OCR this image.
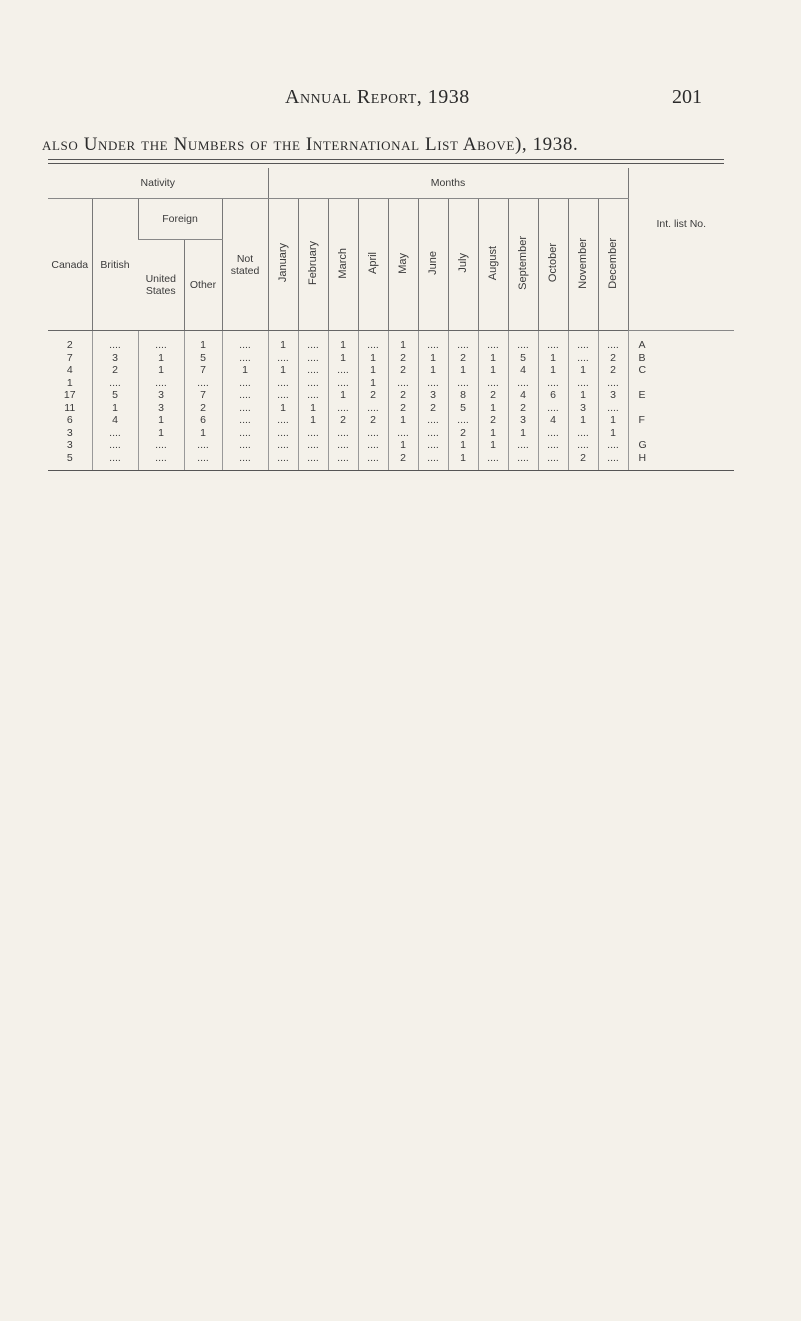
Annual Report, 1938	201
also Under the Numbers of the International List Above), 1938.
Nativity					Months												Int. list No.
Canada	British	Foreign		Not stated	January	February	March	April	May	June	July	August	September	October	November	December	
		United States	Other														
2	....	....	1	....	1	....	1	....	1	....	....	....	....	....	....	....	A
7	3	1	5	....	....	....	1	1	2	1	2	1	5	1	....	2	B
4	2	1	7	1	1	....	....	1	2	1	1	1	4	1	1	2	C
1	....	....	....	....	....	....	....	1	....	....	....	....	....	....	....	....	
17	5	3	7	....	....	....	1	2	2	3	8	2	4	6	1	3	E
11	1	3	2	....	1	1	....	....	2	2	5	1	2	....	3	....	
6	4	1	6	....	....	1	2	2	1	....	....	2	3	4	1	1	F
3	....	1	1	....	....	....	....	....	....	....	2	1	1	....	....	1	
3	....	....	....	....	....	....	....	....	1	....	1	1	....	....	....	....	G
5	....	....	....	....	....	....	....	....	2	....	1	....	....	....	2	....	H
